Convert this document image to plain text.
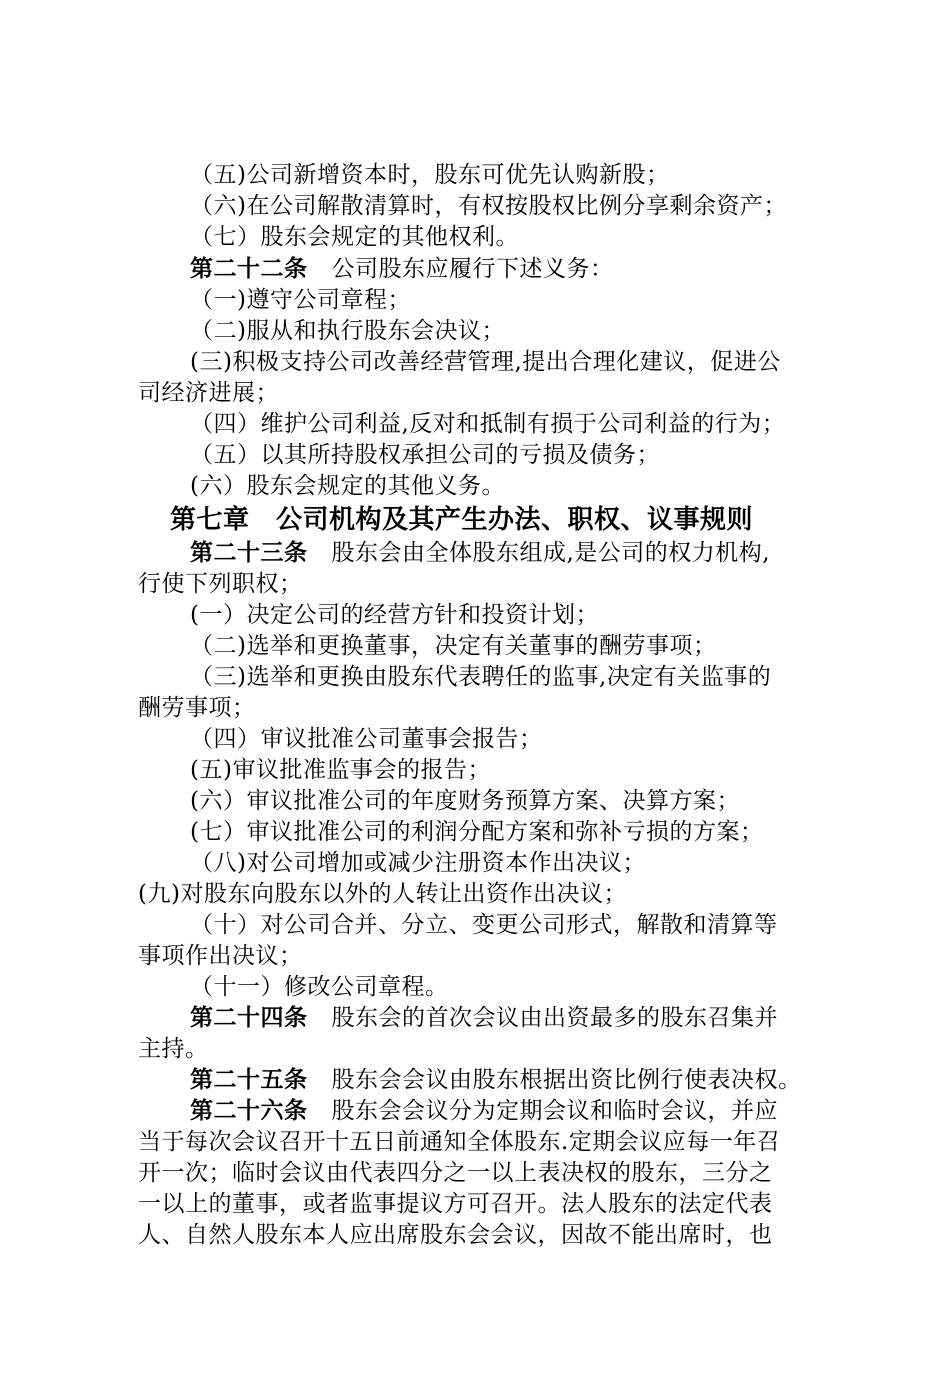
（五)公司新增资本时，股东可优先认购新股；
（六)在公司解散清算时，有权按股权比例分享剩余资产；
（七）股东会规定的其他权利。
第二十二条 公司股东应履行下述义务：
（一)遵守公司章程；
（二)服从和执行股东会决议；
(三)积极支持公司改善经营管理,提出合理化建议，促进公
司经济进展；
（四）维护公司利益,反对和抵制有损于公司利益的行为；
（五）以其所持股权承担公司的亏损及债务；
(六）股东会规定的其他义务。
第七章　公司机构及其产生办法、职权、议事规则
第二十三条 股东会由全体股东组成,是公司的权力机构,
行使下列职权；
(一）决定公司的经营方针和投资计划；
（二)选举和更换董事，决定有关董事的酬劳事项；
（三)选举和更换由股东代表聘任的监事,决定有关监事的
酬劳事项；
（四）审议批准公司董事会报告；
(五)审议批准监事会的报告；
(六）审议批准公司的年度财务预算方案、决算方案；
(七）审议批准公司的利润分配方案和弥补亏损的方案；
（八)对公司增加或减少注册资本作出决议；
(九)对股东向股东以外的人转让出资作出决议；
（十）对公司合并、分立、变更公司形式，解散和清算等
事项作出决议；
（十一）修改公司章程。
第二十四条 股东会的首次会议由出资最多的股东召集并
主持。
第二十五条 股东会会议由股东根据出资比例行使表决权。
第二十六条 股东会会议分为定期会议和临时会议，并应
当于每次会议召开十五日前通知全体股东.定期会议应每一年召
开一次；临时会议由代表四分之一以上表决权的股东，三分之
一以上的董事，或者监事提议方可召开。法人股东的法定代表
人、自然人股东本人应出席股东会会议，因故不能出席时，也
